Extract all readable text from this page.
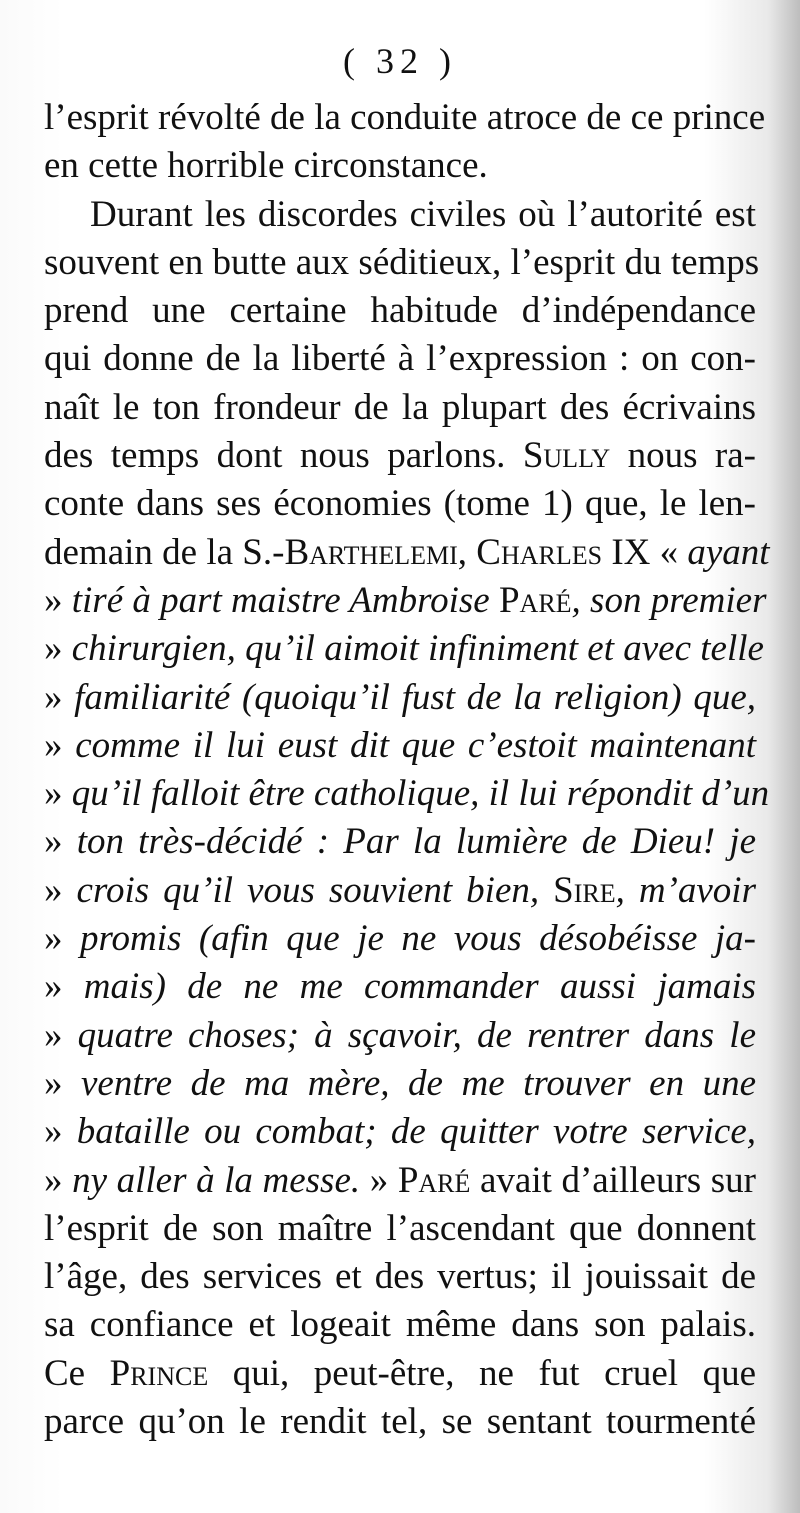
( 32 )
l’esprit révolté de la conduite atroce de ce prince
en cette horrible circonstance.
Durant les discordes civiles où l’autorité est
souvent en butte aux séditieux, l’esprit du temps
prend une certaine habitude d’indépendance
qui donne de la liberté à l’expression : on con-
naît le ton frondeur de la plupart des écrivains
des temps dont nous parlons. Sully nous ra-
conte dans ses économies (tome 1) que, le len-
demain de la S.-Barthelemi, Charles IX « ayant
» tiré à part maistre Ambroise Paré, son premier
» chirurgien, qu’il aimoit infiniment et avec telle
» familiarité (quoiqu’il fust de la religion) que,
» comme il lui eust dit que c’estoit maintenant
» qu’il falloit être catholique, il lui répondit d’un
» ton très-décidé : Par la lumière de Dieu! je
» crois qu’il vous souvient bien, Sire, m’avoir
» promis (afin que je ne vous désobéisse ja-
» mais) de ne me commander aussi jamais
» quatre choses; à sçavoir, de rentrer dans le
» ventre de ma mère, de me trouver en une
» bataille ou combat; de quitter votre service,
» ny aller à la messe. » Paré avait d’ailleurs sur
l’esprit de son maître l’ascendant que donnent
l’âge, des services et des vertus; il jouissait de
sa confiance et logeait même dans son palais.
Ce Prince qui, peut-être, ne fut cruel que
parce qu’on le rendit tel, se sentant tourmenté
